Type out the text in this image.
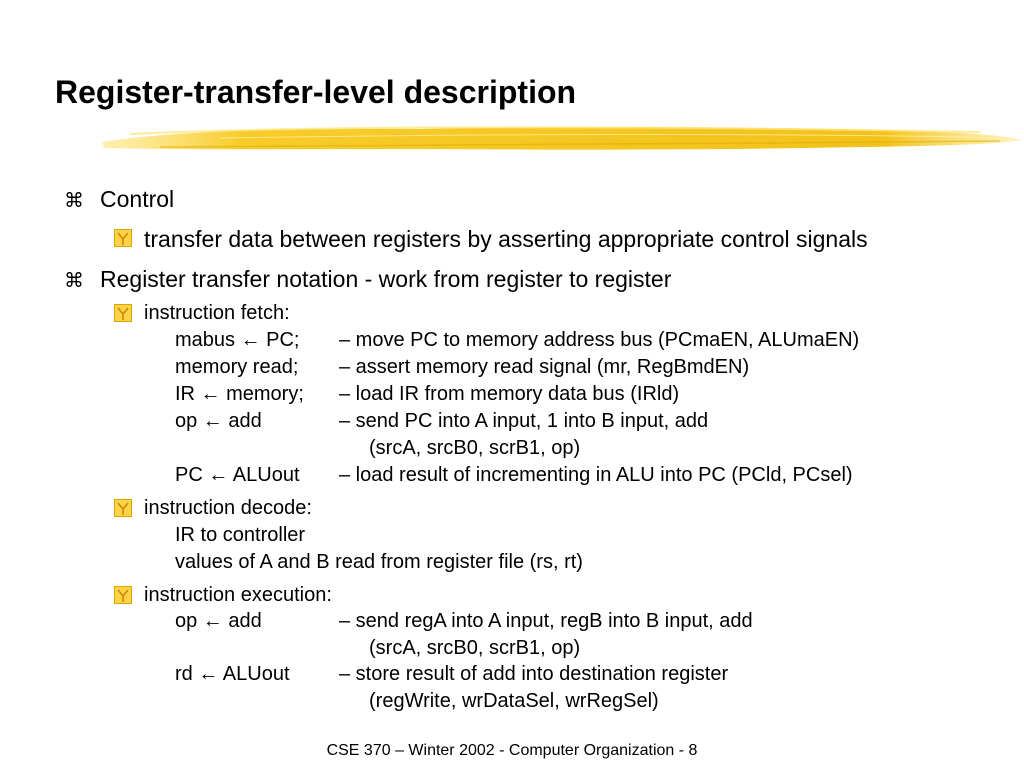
Register-transfer-level description
⌘ Control
transfer data between registers by asserting appropriate control signals
⌘ Register transfer notation - work from register to register
instruction fetch:
mabus ← PC; – move PC to memory address bus (PCmaEN, ALUmaEN)
memory read; – assert memory read signal (mr, RegBmdEN)
IR ← memory; – load IR from memory data bus (IRld)
op ← add	– send PC into A input, 1 into B input, add
(srcA, srcB0, scrB1, op)
PC ← ALUout – load result of incrementing in ALU into PC (PCld, PCsel)
instruction decode:
IR to controller
values of A and B read from register file (rs, rt)
instruction execution:
op ← add	– send regA into A input, regB into B input, add
(srcA, srcB0, scrB1, op)
rd ← ALUout – store result of add into destination register
(regWrite, wrDataSel, wrRegSel)
CSE 370 – Winter 2002 - Computer Organization - 8
